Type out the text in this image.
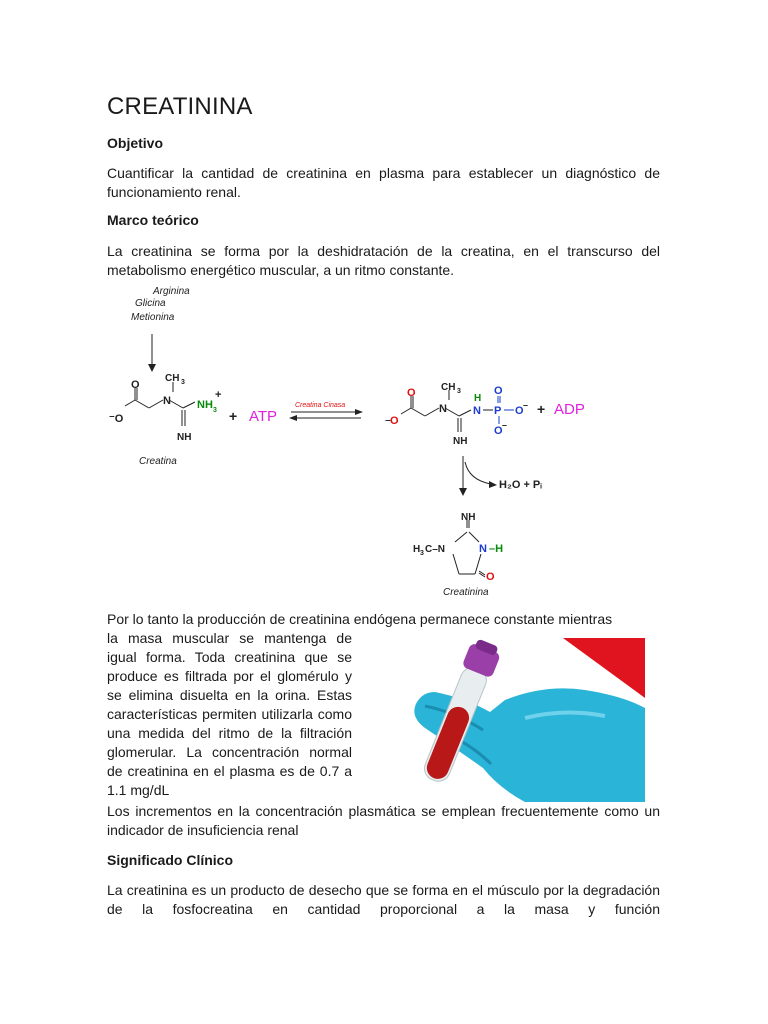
CREATININA

Objetivo

Cuantificar la cantidad de creatinina en plasma para establecer un diagnóstico de funcionamiento renal.

Marco teórico

La creatinina se forma por la deshidratación de la creatina, en el transcurso del metabolismo energético muscular, a un ritmo constante.

Por lo tanto la producción de creatinina endógena permanece constante mientras

la masa muscular se mantenga de igual forma. Toda creatinina que se produce es filtrada por el glomérulo y se elimina disuelta en la orina. Estas características permiten utilizarla como una medida del ritmo de la filtración glomerular. La concentración normal de creatinina en el plasma es de 0.7 a 1.1 mg/dL

Los incrementos en la concentración plasmática se emplean frecuentemente como un indicador de insuficiencia renal

Significado Clínico

La creatinina es un producto de desecho que se forma en el músculo por la degradación de la fosfocreatina en cantidad proporcional a la masa y función

Arginina
Glicina
Metionina
⁻O
O
N
CH 3
NH 3
+
NH
Creatina
+ ATP
Creatina Cinasa
⁻ O
O
N
CH 3
H
N P
O
O –
O –
NH
+ ADP
H₂O + Pᵢ
NH
H 3 C–N	N –H
O
Creatinina
